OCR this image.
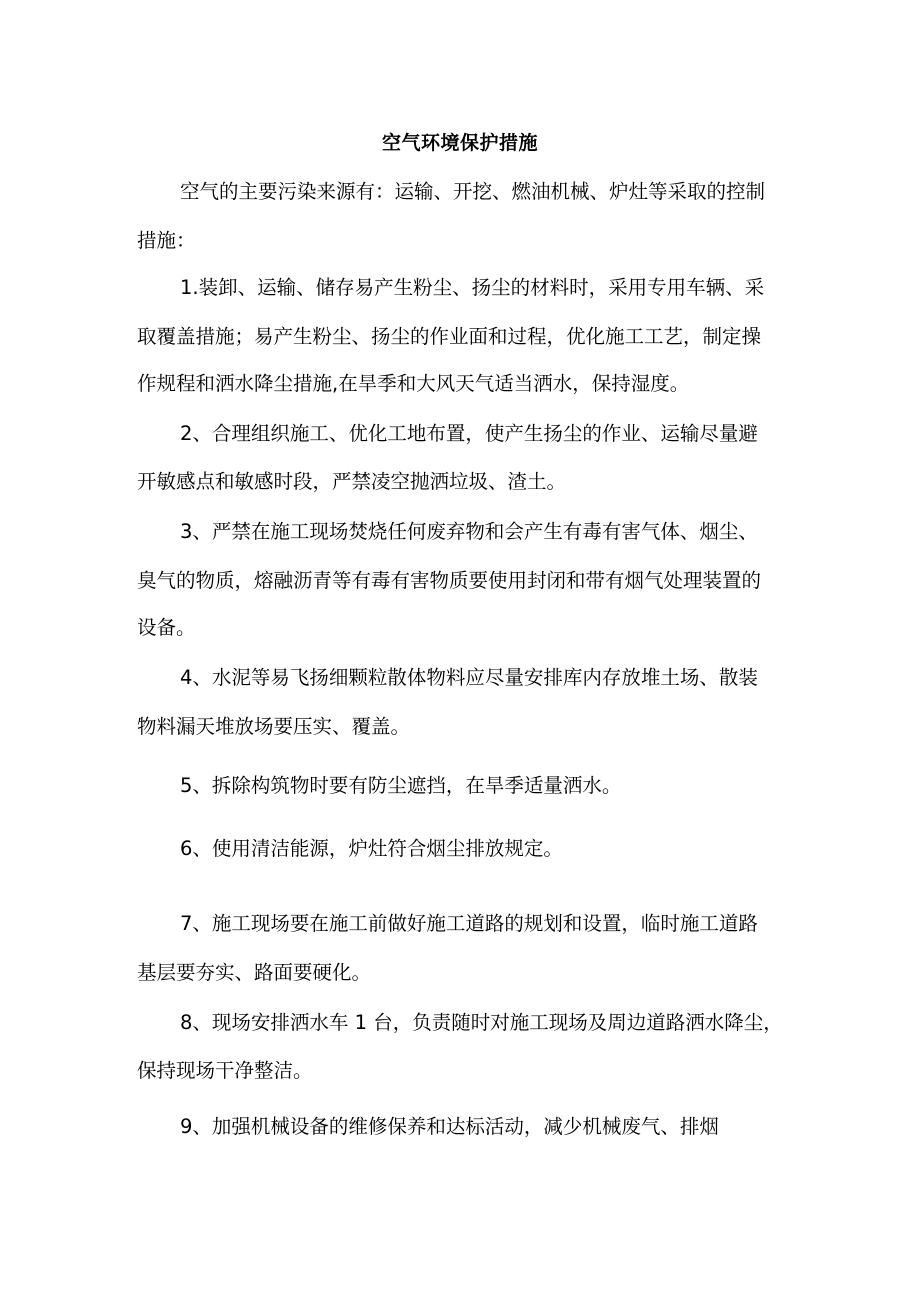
空气环境保护措施
空气的主要污染来源有：运输、开挖、燃油机械、炉灶等采取的控制
措施：
1.装卸、运输、储存易产生粉尘、扬尘的材料时，采用专用车辆、采
取覆盖措施；易产生粉尘、扬尘的作业面和过程，优化施工工艺，制定操
作规程和洒水降尘措施,在旱季和大风天气适当洒水，保持湿度。
2、合理组织施工、优化工地布置，使产生扬尘的作业、运输尽量避
开敏感点和敏感时段，严禁凌空抛洒垃圾、渣土。
3、严禁在施工现场焚烧任何废弃物和会产生有毒有害气体、烟尘、
臭气的物质，熔融沥青等有毒有害物质要使用封闭和带有烟气处理装置的
设备。
4、水泥等易飞扬细颗粒散体物料应尽量安排库内存放堆土场、散装
物料漏天堆放场要压实、覆盖。
5、拆除构筑物时要有防尘遮挡，在旱季适量洒水。
6、使用清洁能源，炉灶符合烟尘排放规定。
7、施工现场要在施工前做好施工道路的规划和设置，临时施工道路
基层要夯实、路面要硬化。
8、现场安排洒水车 1 台，负责随时对施工现场及周边道路洒水降尘，
保持现场干净整洁。
9、加强机械设备的维修保养和达标活动，减少机械废气、排烟
